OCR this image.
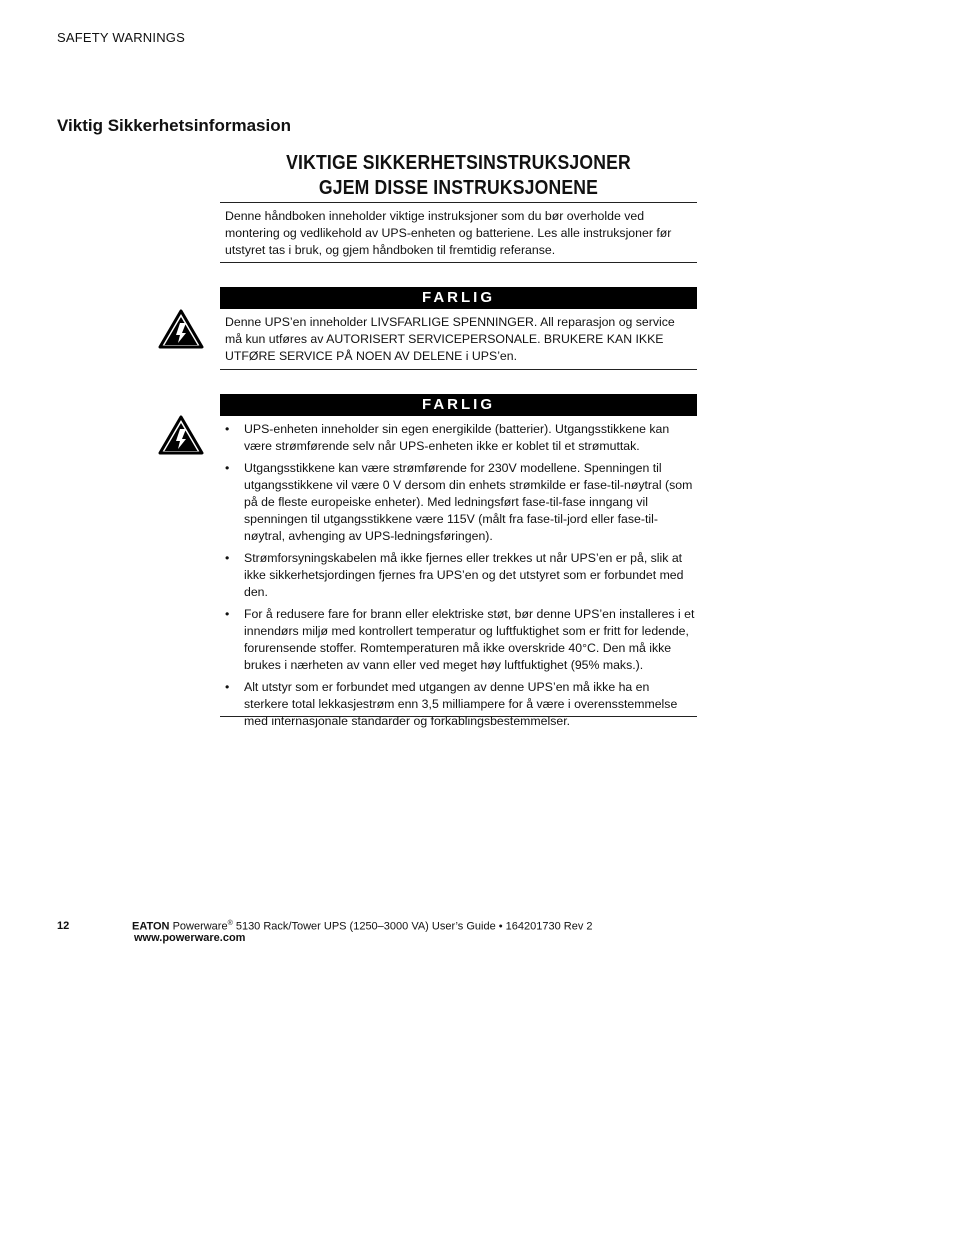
SAFETY WARNINGS
Viktig Sikkerhetsinformasion
VIKTIGE SIKKERHETSINSTRUKSJONER
GJEM DISSE INSTRUKSJONENE

Denne håndboken inneholder viktige instruksjoner som du bør overholde ved montering og vedlikehold av UPS-enheten og batteriene. Les alle instruksjoner før utstyret tas i bruk, og gjem håndboken til fremtidig referanse.

FARLIG

Denne UPS’en inneholder LIVSFARLIGE SPENNINGER. All reparasjon og service må kun utføres av AUTORISERT SERVICEPERSONALE. BRUKERE KAN IKKE UTFØRE SERVICE PÅ NOEN AV DELENE i UPS’en.

FARLIG
• UPS-enheten inneholder sin egen energikilde (batterier). Utgangsstikkene kan være strømførende selv når UPS-enheten ikke er koblet til et strømuttak.
• Utgangsstikkene kan være strømførende for 230V modellene. Spenningen til utgangsstikkene vil være 0 V dersom din enhets strømkilde er fase-til-nøytral (som på de fleste europeiske enheter). Med ledningsført fase-til-fase inngang vil spenningen til utgangsstikkene være 115V (målt fra fase-til-jord eller fase-til-nøytral, avhenging av UPS-ledningsføringen).
• Strømforsyningskabelen må ikke fjernes eller trekkes ut når UPS’en er på, slik at ikke sikkerhetsjordingen fjernes fra UPS’en og det utstyret som er forbundet med den.
• For å redusere fare for brann eller elektriske støt, bør denne UPS’en installeres i et innendørs miljø med kontrollert temperatur og luftfuktighet som er fritt for ledende, forurensende stoffer. Romtemperaturen må ikke overskride 40°C. Den må ikke brukes i nærheten av vann eller ved meget høy luftfuktighet (95% maks.).
• Alt utstyr som er forbundet med utgangen av denne UPS’en må ikke ha en sterkere total lekkasjestrøm enn 3,5 milliampere for å være i overensstemmelse med internasjonale standarder og forkablingsbestemmelser.
12	EATON Powerware® 5130 Rack/Tower UPS (1250–3000 VA) User’s Guide • 164201730 Rev 2
www.powerware.com
